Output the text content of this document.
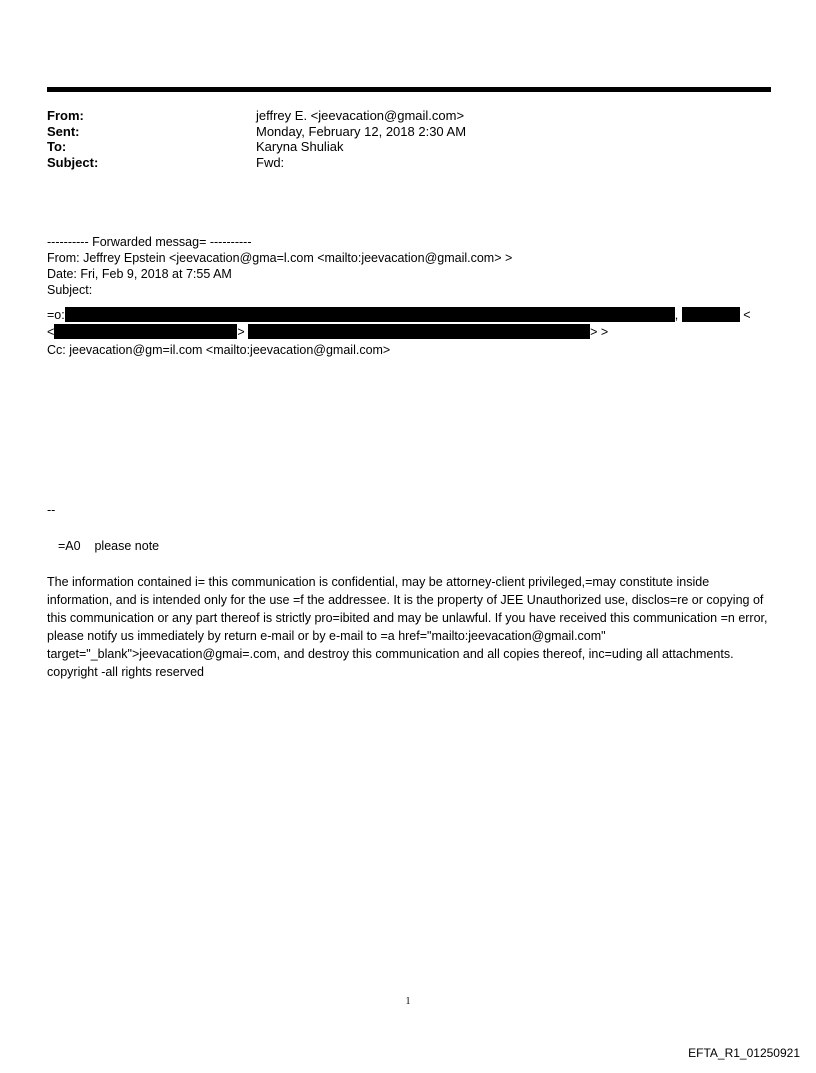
From:	jeffrey E. <jeevacation@gmail.com>
Sent:	Monday, February 12, 2018 2:30 AM
To:	Karyna Shuliak
Subject:	Fwd:
---------- Forwarded messag= ----------
From: Jeffrey Epstein <jeevacation@gma=l.com <mailto:jeevacation@gmail.com> >
Date: Fri, Feb 9, 2018 at 7:55 AM
Subject:
=o:	,	<
<	>	> >
Cc: jeevacation@gm=il.com <mailto:jeevacation@gmail.com>
--
=A0    please note
The information contained i= this communication is confidential, may be attorney-client privileged,=may constitute inside information, and is intended only for the use =f the addressee. It is the property of JEE Unauthorized use, disclos=re or copying of this communication or any part thereof is strictly pro=ibited and may be unlawful. If you have received this communication =n error, please notify us immediately by return e-mail or by e-mail to =a href="mailto:jeevacation@gmail.com" target="_blank">jeevacation@gmai=.com, and destroy this communication and all copies thereof, inc=uding all attachments. copyright -all rights reserved
1
EFTA_R1_01250921
